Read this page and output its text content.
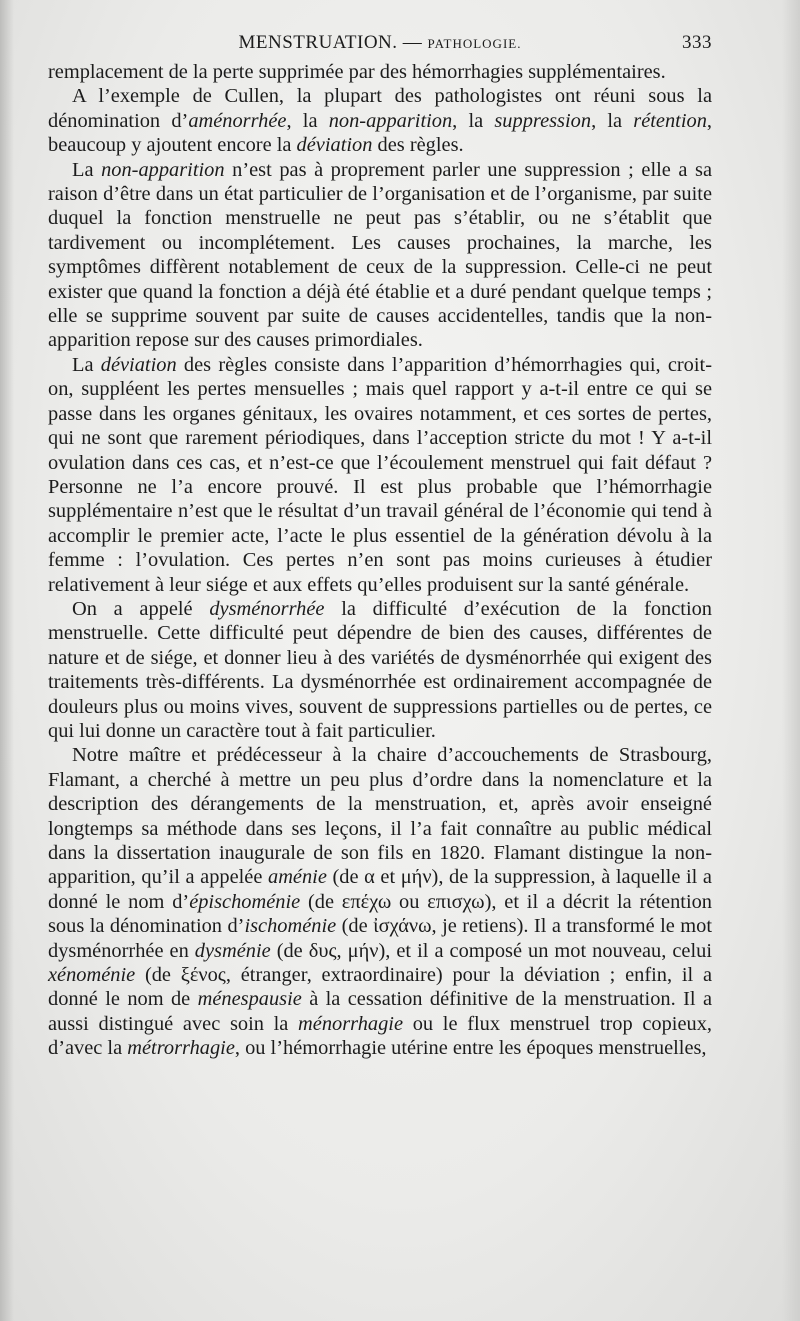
MENSTRUATION. — PATHOLOGIE.	333

remplacement de la perte supprimée par des hémorrhagies supplémentaires.

A l’exemple de Cullen, la plupart des pathologistes ont réuni sous la dénomination d’aménorrhée, la non-apparition, la suppression, la rétention, beaucoup y ajoutent encore la déviation des règles.

La non-apparition n’est pas à proprement parler une suppression ; elle a sa raison d’être dans un état particulier de l’organisation et de l’organisme, par suite duquel la fonction menstruelle ne peut pas s’établir, ou ne s’établit que tardivement ou incomplétement. Les causes prochaines, la marche, les symptômes diffèrent notablement de ceux de la suppression. Celle-ci ne peut exister que quand la fonction a déjà été établie et a duré pendant quelque temps ; elle se supprime souvent par suite de causes accidentelles, tandis que la non-apparition repose sur des causes primordiales.

La déviation des règles consiste dans l’apparition d’hémorrhagies qui, croit-on, suppléent les pertes mensuelles ; mais quel rapport y a-t-il entre ce qui se passe dans les organes génitaux, les ovaires notamment, et ces sortes de pertes, qui ne sont que rarement périodiques, dans l’acception stricte du mot ! Y a-t-il ovulation dans ces cas, et n’est-ce que l’écoulement menstruel qui fait défaut ? Personne ne l’a encore prouvé. Il est plus probable que l’hémorrhagie supplémentaire n’est que le résultat d’un travail général de l’économie qui tend à accomplir le premier acte, l’acte le plus essentiel de la génération dévolu à la femme : l’ovulation. Ces pertes n’en sont pas moins curieuses à étudier relativement à leur siége et aux effets qu’elles produisent sur la santé générale.

On a appelé dysménorrhée la difficulté d’exécution de la fonction menstruelle. Cette difficulté peut dépendre de bien des causes, différentes de nature et de siége, et donner lieu à des variétés de dysménorrhée qui exigent des traitements très-différents. La dysménorrhée est ordinairement accompagnée de douleurs plus ou moins vives, souvent de suppressions partielles ou de pertes, ce qui lui donne un caractère tout à fait particulier.

Notre maître et prédécesseur à la chaire d’accouchements de Strasbourg, Flamant, a cherché à mettre un peu plus d’ordre dans la nomenclature et la description des dérangements de la menstruation, et, après avoir enseigné longtemps sa méthode dans ses leçons, il l’a fait connaître au public médical dans la dissertation inaugurale de son fils en 1820. Flamant distingue la non-apparition, qu’il a appelée aménie (de α et μήν), de la suppression, à laquelle il a donné le nom d’épischoménie (de επέχω ou επισχω), et il a décrit la rétention sous la dénomination d’ischoménie (de ἰσχάνω, je retiens). Il a transformé le mot dysménorrhée en dysménie (de δυς, μήν), et il a composé un mot nouveau, celui xénoménie (de ξένος, étranger, extraordinaire) pour la déviation ; enfin, il a donné le nom de ménespausie à la cessation définitive de la menstruation. Il a aussi distingué avec soin la ménorrhagie ou le flux menstruel trop copieux, d’avec la métrorrhagie, ou l’hémorrhagie utérine entre les époques menstruelles,
